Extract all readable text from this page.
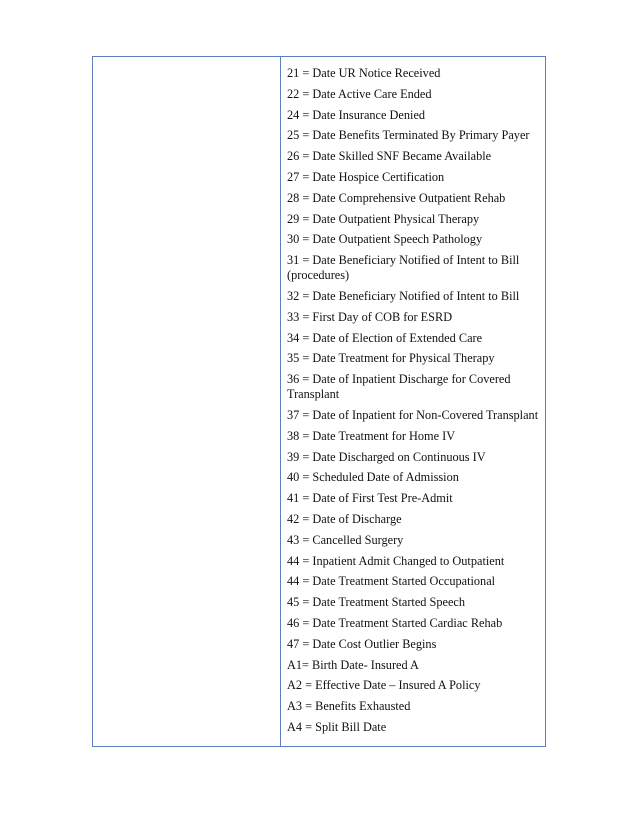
21 = Date UR Notice Received
22 = Date Active Care Ended
24 = Date Insurance Denied
25 = Date Benefits Terminated By Primary Payer
26 = Date Skilled SNF Became Available
27 = Date Hospice Certification
28 = Date Comprehensive Outpatient Rehab
29 = Date Outpatient Physical Therapy
30 = Date Outpatient Speech Pathology
31 = Date Beneficiary Notified of Intent to Bill (procedures)
32 = Date Beneficiary Notified of Intent to Bill
33 = First Day of COB for ESRD
34 = Date of Election of Extended Care
35 = Date Treatment for Physical Therapy
36 = Date of Inpatient Discharge for Covered Transplant
37 = Date of Inpatient for Non-Covered Transplant
38 = Date Treatment for Home IV
39 = Date Discharged on Continuous IV
40 = Scheduled Date of Admission
41 = Date of First Test Pre-Admit
42 = Date of Discharge
43 = Cancelled Surgery
44 = Inpatient Admit Changed to Outpatient
44 = Date Treatment Started Occupational
45 = Date Treatment Started Speech
46 = Date Treatment Started Cardiac Rehab
47 = Date Cost Outlier Begins
A1= Birth Date- Insured A
A2 = Effective Date – Insured A Policy
A3 = Benefits Exhausted
A4 = Split Bill Date
